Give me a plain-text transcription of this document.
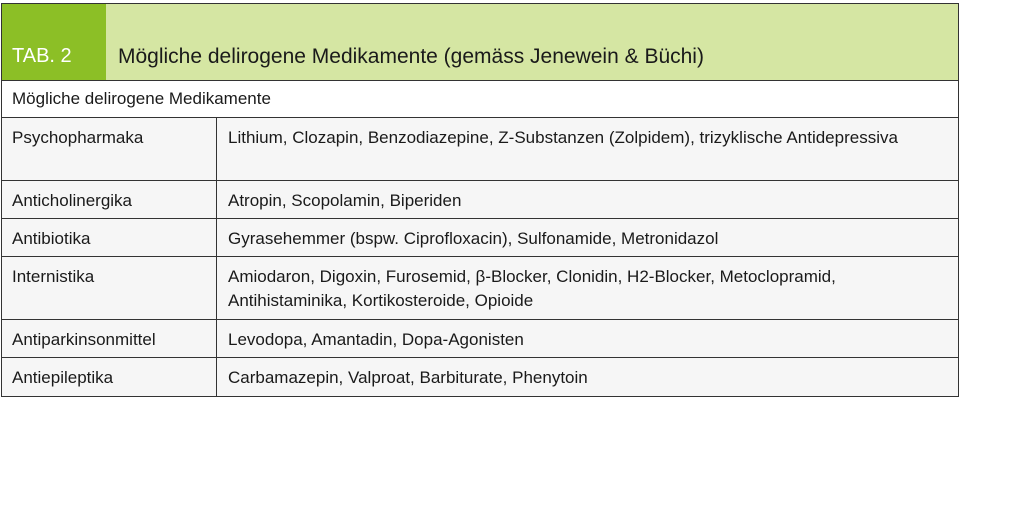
TAB. 2	Mögliche delirogene Medikamente (gemäss Jenewein & Büchi)
Mögliche delirogene Medikamente
Psychopharmaka	Lithium, Clozapin, Benzodiazepine, Z-Substanzen (Zolpidem), trizyklische Antidepressiva
Anticholinergika	Atropin, Scopolamin, Biperiden
Antibiotika	Gyrasehemmer (bspw. Ciprofloxacin), Sulfonamide, Metronidazol
Internistika	Amiodaron, Digoxin, Furosemid, β-Blocker, Clonidin, H2-Blocker, Metoclopramid, Antihistaminika, Kortikosteroide, Opioide
Antiparkinsonmittel	Levodopa, Amantadin, Dopa-Agonisten
Antiepileptika	Carbamazepin, Valproat, Barbiturate, Phenytoin
